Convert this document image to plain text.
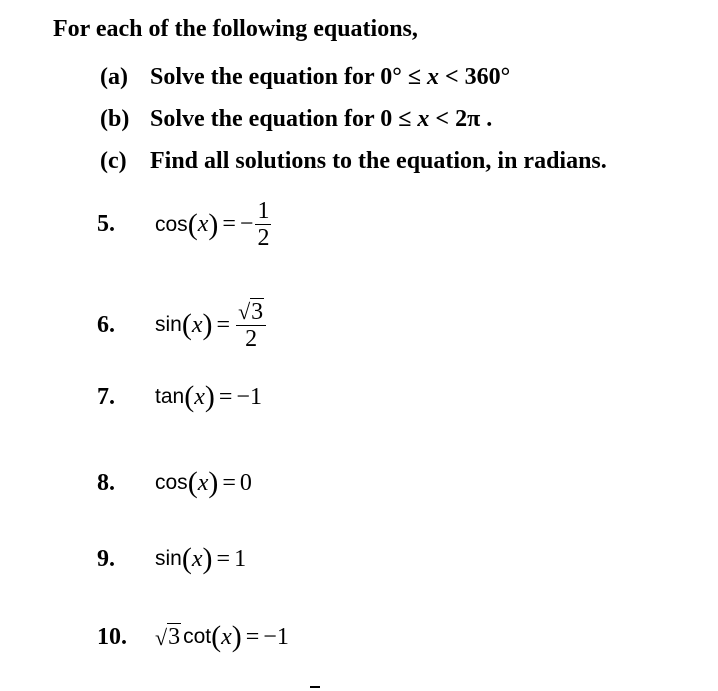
For each of the following equations,
(a) Solve the equation for 0° ≤ x < 360°
(b) Solve the equation for 0 ≤ x < 2π .
(c) Find all solutions to the equation, in radians.
5.	cos ( x ) = − $\frac{1}{2}$
6.	sin ( x ) = $\frac{√ 3}{2}$
7.	tan ( x ) = −1
8.	cos ( x ) = 0
9.	sin ( x ) = 1
10.	√ 3 cot ( x ) = −1
